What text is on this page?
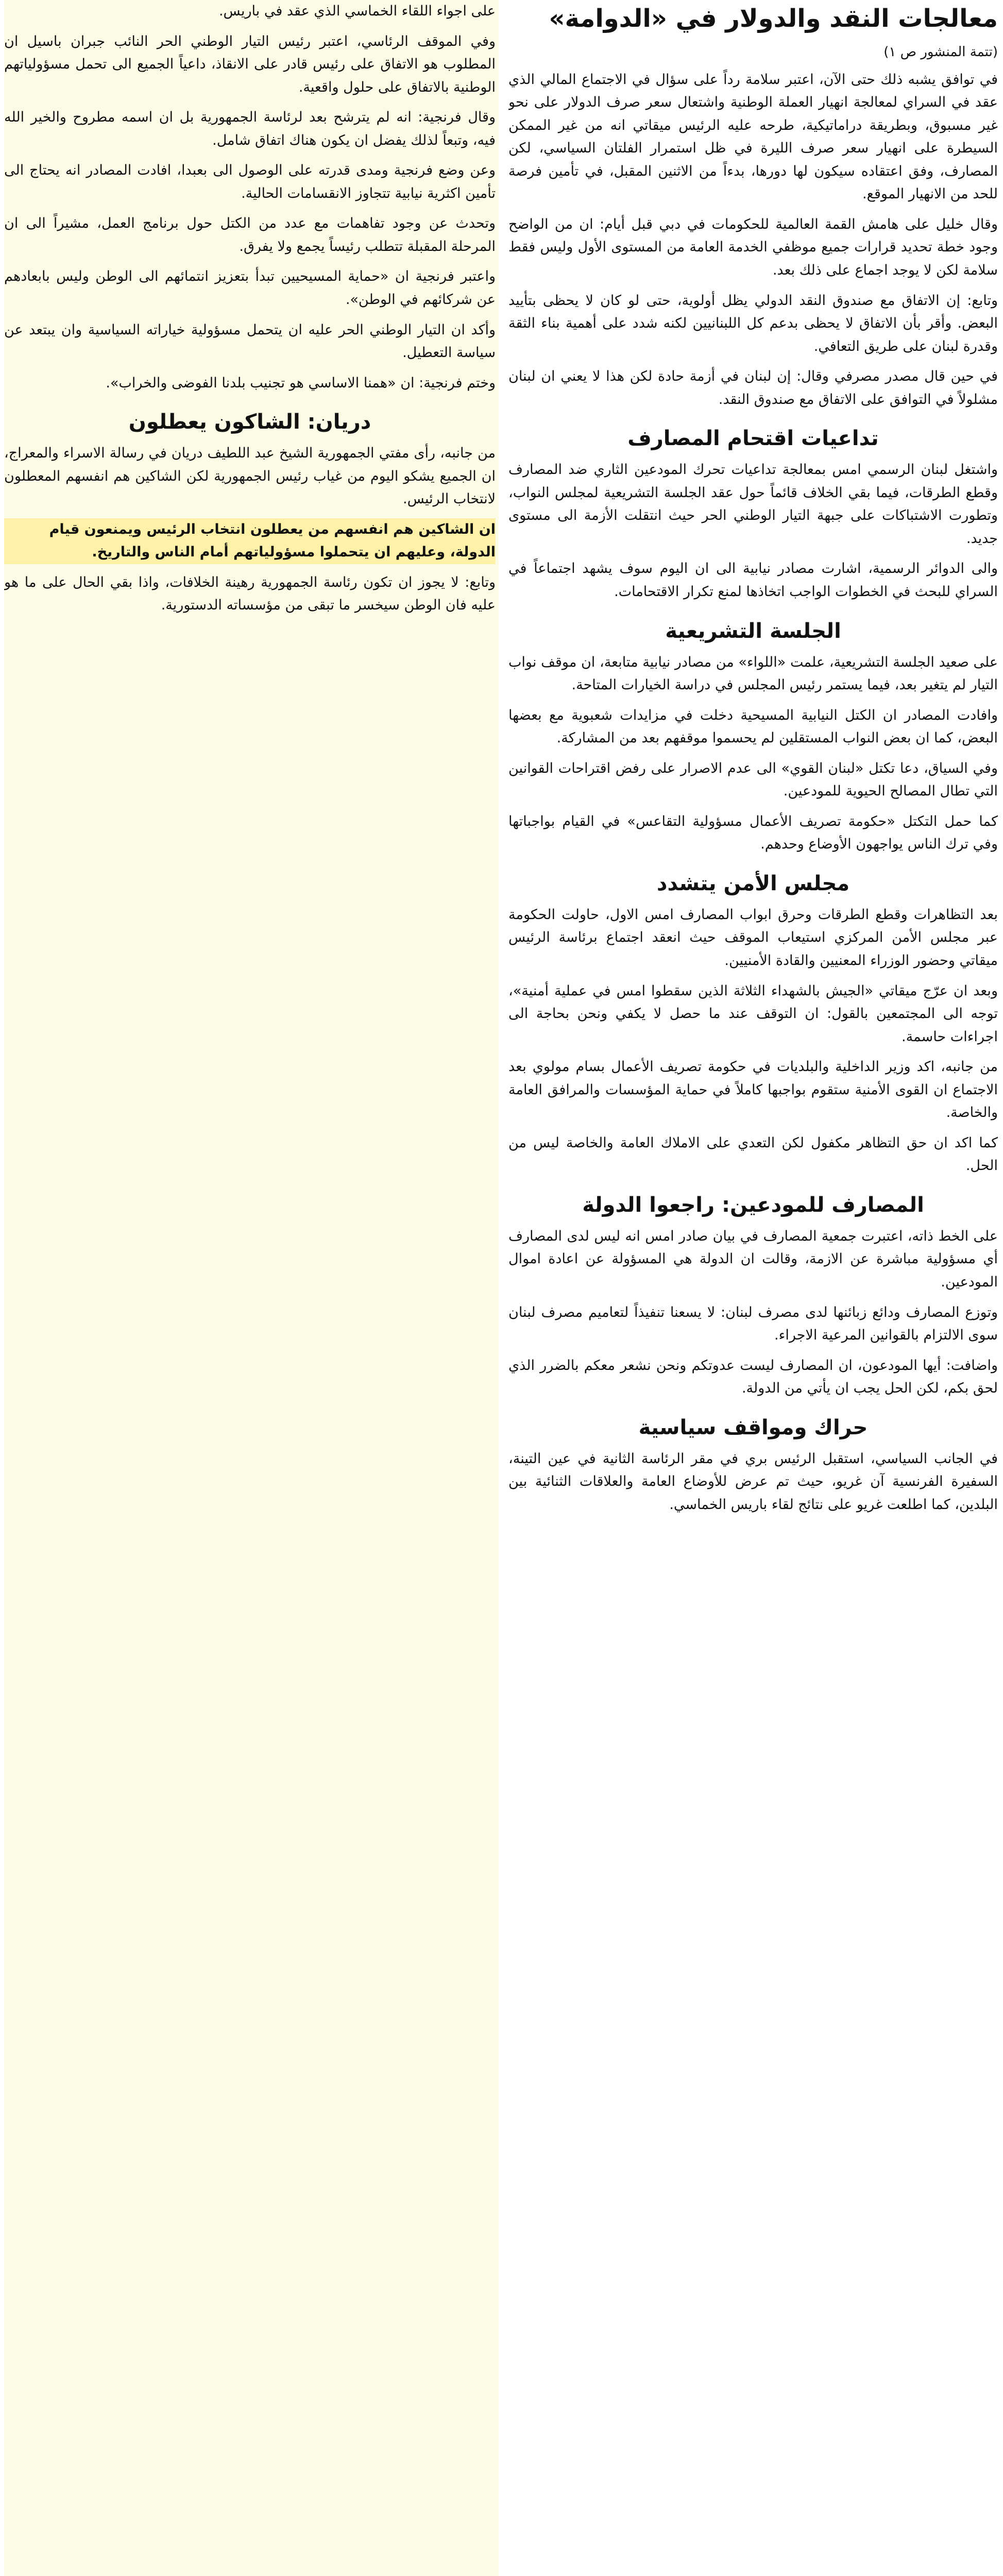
معالجات النقد والدولار في «الدوامة»
(تتمة المنشور ص ١)

في توافق يشبه ذلك حتى الآن، اعتبر سلامة رداً على سؤال في الاجتماع المالي الذي عقد في السراي لمعالجة انهيار العملة الوطنية واشتعال سعر صرف الدولار على نحو غير مسبوق، وبطريقة دراماتيكية، طرحه عليه الرئيس ميقاتي انه من غير الممكن السيطرة على انهيار سعر صرف الليرة في ظل استمرار الفلتان السياسي، لكن المصارف، وفق اعتقاده سيكون لها دورها، بدءاً من الاثنين المقبل، في تأمين فرصة للحد من الانهيار الموقع.

وقال خليل على هامش القمة العالمية للحكومات في دبي قبل أيام: ان من الواضح وجود خطة تحديد قرارات جميع موظفي الخدمة العامة من المستوى الأول وليس فقط سلامة لكن لا يوجد اجماع على ذلك بعد.

وتابع: إن الاتفاق مع صندوق النقد الدولي يظل أولوية، حتى لو كان لا يحظى بتأييد البعض. وأقر بأن الاتفاق لا يحظى بدعم كل اللبنانيين لكنه شدد على أهمية بناء الثقة وقدرة لبنان على طريق التعافي.

في حين قال مصدر مصرفي وقال: إن لبنان في أزمة حادة لكن هذا لا يعني ان لبنان مشلولاً في التوافق على الاتفاق مع صندوق النقد.

تداعيات اقتحام المصارف

واشتغل لبنان الرسمي امس بمعالجة تداعيات تحرك المودعين الثاري ضد المصارف وقطع الطرقات، فيما بقي الخلاف قائماً حول عقد الجلسة التشريعية لمجلس النواب، وتطورت الاشتباكات على جبهة التيار الوطني الحر حيث انتقلت الأزمة الى مستوى جديد.

والى الدوائر الرسمية، اشارت مصادر نيابية الى ان اليوم سوف يشهد اجتماعاً في السراي للبحث في الخطوات الواجب اتخاذها لمنع تكرار الاقتحامات.

الجلسة التشريعية

على صعيد الجلسة التشريعية، علمت «اللواء» من مصادر نيابية متابعة، ان موقف نواب التيار لم يتغير بعد، فيما يستمر رئيس المجلس في دراسة الخيارات المتاحة.

وافادت المصادر ان الكتل النيابية المسيحية دخلت في مزايدات شعبوية مع بعضها البعض، كما ان بعض النواب المستقلين لم يحسموا موقفهم بعد من المشاركة.

وفي السياق، دعا تكتل «لبنان القوي» الى عدم الاصرار على رفض اقتراحات القوانين التي تطال المصالح الحيوية للمودعين.

كما حمل التكتل «حكومة تصريف الأعمال مسؤولية التقاعس» في القيام بواجباتها وفي ترك الناس يواجهون الأوضاع وحدهم.

مجلس الأمن يتشدد

بعد التظاهرات وقطع الطرقات وحرق ابواب المصارف امس الاول، حاولت الحكومة عبر مجلس الأمن المركزي استيعاب الموقف حيث انعقد اجتماع برئاسة الرئيس ميقاتي وحضور الوزراء المعنيين والقادة الأمنيين.

وبعد ان عرّج ميقاتي «الجيش بالشهداء الثلاثة الذين سقطوا امس في عملية أمنية»، توجه الى المجتمعين بالقول: ان التوقف عند ما حصل لا يكفي ونحن بحاجة الى اجراءات حاسمة.

من جانبه، اكد وزير الداخلية والبلديات في حكومة تصريف الأعمال بسام مولوي بعد الاجتماع ان القوى الأمنية ستقوم بواجبها كاملاً في حماية المؤسسات والمرافق العامة والخاصة.

كما اكد ان حق التظاهر مكفول لكن التعدي على الاملاك العامة والخاصة ليس من الحل.

المصارف للمودعين: راجعوا الدولة

على الخط ذاته، اعتبرت جمعية المصارف في بيان صادر امس انه ليس لدى المصارف أي مسؤولية مباشرة عن الازمة، وقالت ان الدولة هي المسؤولة عن اعادة اموال المودعين.

وتوزع المصارف ودائع زبائنها لدى مصرف لبنان: لا يسعنا تنفيذاً لتعاميم مصرف لبنان سوى الالتزام بالقوانين المرعية الاجراء.

واضافت: أيها المودعون، ان المصارف ليست عدوتكم ونحن نشعر معكم بالضرر الذي لحق بكم، لكن الحل يجب ان يأتي من الدولة.

حراك ومواقف سياسية

في الجانب السياسي، استقبل الرئيس بري في مقر الرئاسة الثانية في عين التينة، السفيرة الفرنسية آن غريو، حيث تم عرض للأوضاع العامة والعلاقات الثنائية بين البلدين، كما اطلعت غريو على نتائج لقاء باريس الخماسي.

على اجواء اللقاء الخماسي الذي عقد في باريس.

وفي الموقف الرئاسي، اعتبر رئيس التيار الوطني الحر النائب جبران باسيل ان المطلوب هو الاتفاق على رئيس قادر على الانقاذ، داعياً الجميع الى تحمل مسؤولياتهم الوطنية بالاتفاق على حلول واقعية.

وقال فرنجية: انه لم يترشح بعد لرئاسة الجمهورية بل ان اسمه مطروح والخير الله فيه، وتبعاً لذلك يفضل ان يكون هناك اتفاق شامل.

وعن وضع فرنجية ومدى قدرته على الوصول الى بعبدا، افادت المصادر انه يحتاج الى تأمين اكثرية نيابية تتجاوز الانقسامات الحالية.

وتحدث عن وجود تفاهمات مع عدد من الكتل حول برنامج العمل، مشيراً الى ان المرحلة المقبلة تتطلب رئيساً يجمع ولا يفرق.

واعتبر فرنجية ان «حماية المسيحيين تبدأ بتعزيز انتمائهم الى الوطن وليس بابعادهم عن شركائهم في الوطن».

وأكد ان التيار الوطني الحر عليه ان يتحمل مسؤولية خياراته السياسية وان يبتعد عن سياسة التعطيل.

وختم فرنجية: ان «همنا الاساسي هو تجنيب بلدنا الفوضى والخراب».

دريان: الشاكون يعطلون

من جانبه، رأى مفتي الجمهورية الشيخ عبد اللطيف دريان في رسالة الاسراء والمعراج، ان الجميع يشكو اليوم من غياب رئيس الجمهورية لكن الشاكين هم انفسهم المعطلون لانتخاب الرئيس.

ان الشاكين هم انفسهم من يعطلون انتخاب الرئيس ويمنعون قيام الدولة، وعليهم ان يتحملوا مسؤولياتهم أمام الناس والتاريخ.

وتابع: لا يجوز ان تكون رئاسة الجمهورية رهينة الخلافات، واذا بقي الحال على ما هو عليه فان الوطن سيخسر ما تبقى من مؤسساته الدستورية.
